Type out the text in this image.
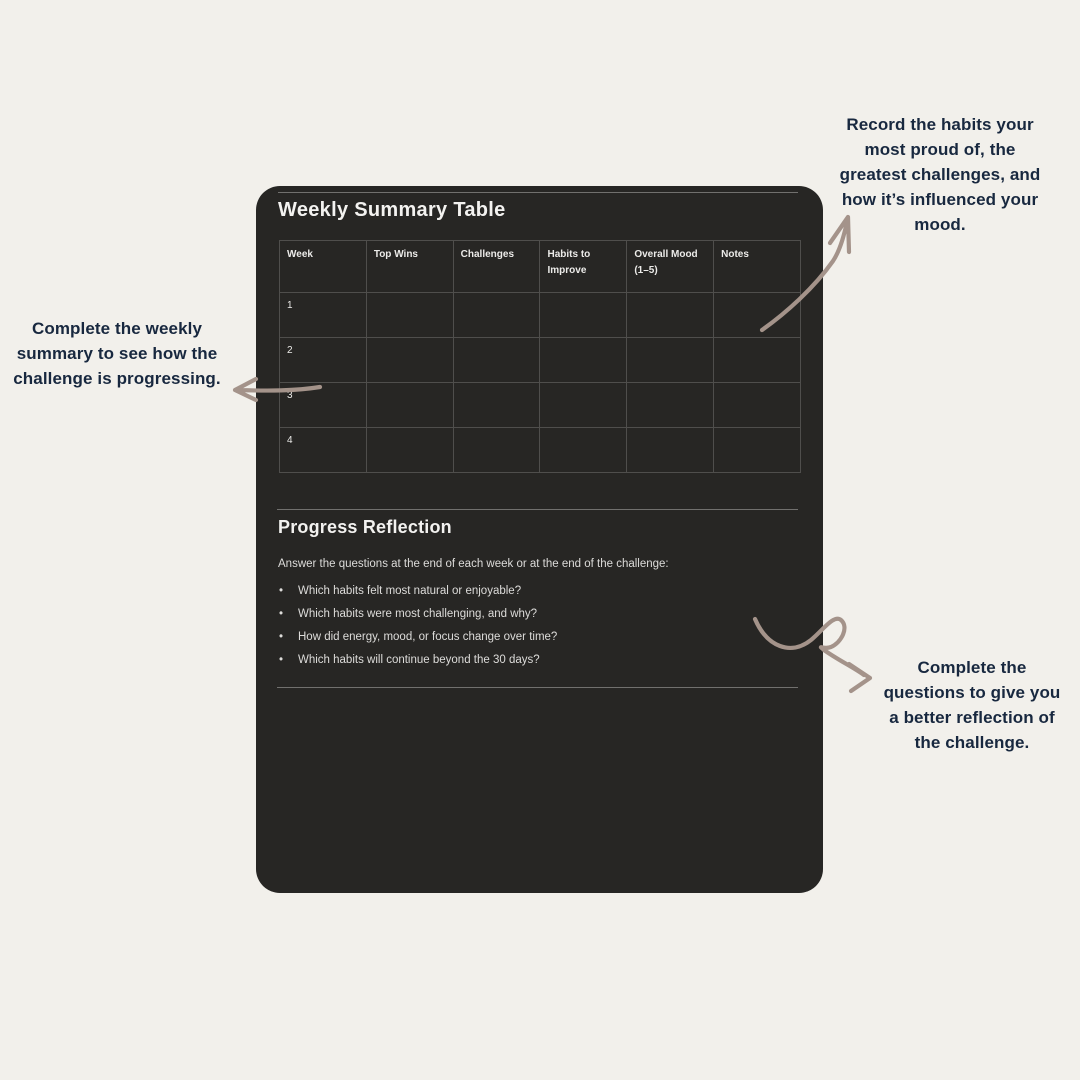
Weekly Summary Table
Week	Top Wins	Challenges	Habits to Improve	Overall Mood (1–5)	Notes
1					
2					
3					
4					
Progress Reflection
Answer the questions at the end of each week or at the end of the challenge:
• Which habits felt most natural or enjoyable?
• Which habits were most challenging, and why?
• How did energy, mood, or focus change over time?
• Which habits will continue beyond the 30 days?
Record the habits your
most proud of, the
greatest challenges, and
how it’s influenced your
mood.
Complete the weekly
summary to see how the
challenge is progressing.
Complete the
questions to give you
a better reflection of
the challenge.
